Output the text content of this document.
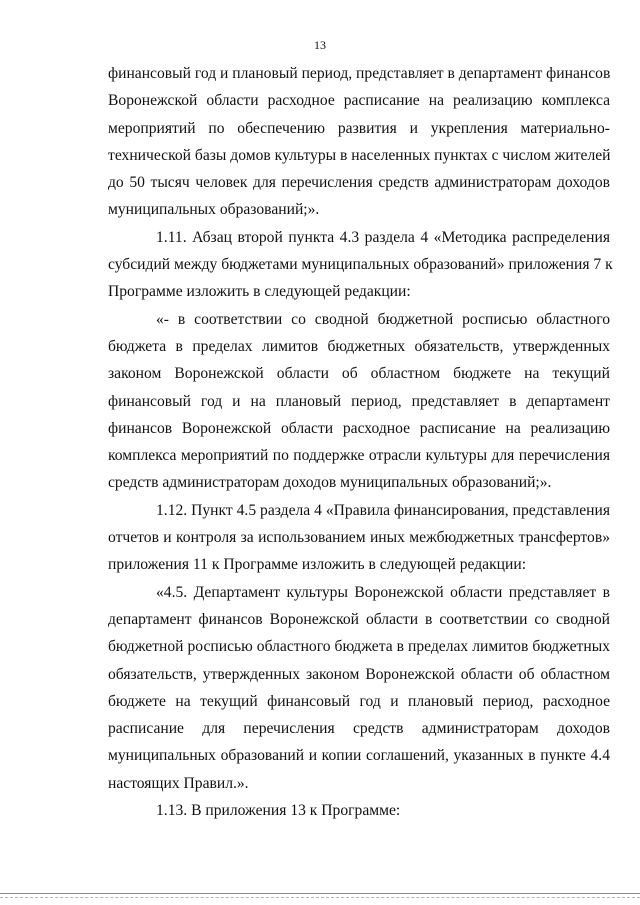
13

финансовый год и плановый период, представляет в департамент финансов
Воронежской области расходное расписание на реализацию комплекса
мероприятий по обеспечению развития и укрепления материально-
технической базы домов культуры в населенных пунктах с числом жителей
до 50 тысяч человек для перечисления средств администраторам доходов
муниципальных образований;».

1.11. Абзац второй пункта 4.3 раздела 4 «Методика распределения
субсидий между бюджетами муниципальных образований» приложения 7 к
Программе изложить в следующей редакции:

«- в соответствии со сводной бюджетной росписью областного
бюджета в пределах лимитов бюджетных обязательств, утвержденных
законом Воронежской области об областном бюджете на текущий
финансовый год и на плановый период, представляет в департамент
финансов Воронежской области расходное расписание на реализацию
комплекса мероприятий по поддержке отрасли культуры для перечисления
средств администраторам доходов муниципальных образований;».

1.12. Пункт 4.5 раздела 4 «Правила финансирования, представления
отчетов и контроля за использованием иных межбюджетных трансфертов»
приложения 11 к Программе изложить в следующей редакции:

«4.5. Департамент культуры Воронежской области представляет в
департамент финансов Воронежской области в соответствии со сводной
бюджетной росписью областного бюджета в пределах лимитов бюджетных
обязательств, утвержденных законом Воронежской области об областном
бюджете на текущий финансовый год и плановый период, расходное
расписание для перечисления средств администраторам доходов
муниципальных образований и копии соглашений, указанных в пункте 4.4
настоящих Правил.».

1.13. В приложения 13 к Программе:
